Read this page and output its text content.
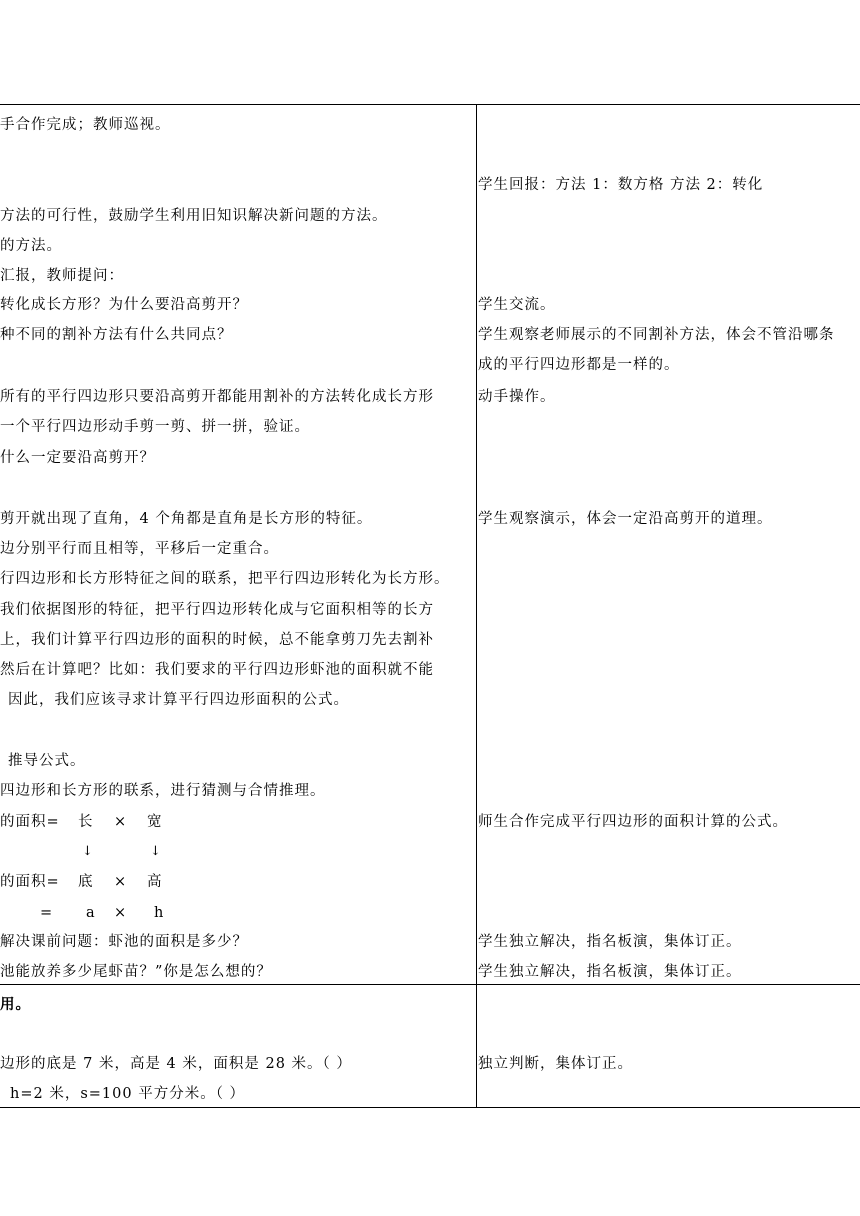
手合作完成；教师巡视。
方法的可行性，鼓励学生利用旧知识解决新问题的方法。
的方法。
汇报，教师提问：
转化成长方形？为什么要沿高剪开？
种不同的割补方法有什么共同点？
所有的平行四边形只要沿高剪开都能用割补的方法转化成长方形
一个平行四边形动手剪一剪、拼一拼，验证。
什么一定要沿高剪开？
剪开就出现了直角，4 个角都是直角是长方形的特征。
边分别平行而且相等，平移后一定重合。
行四边形和长方形特征之间的联系，把平行四边形转化为长方形。
我们依据图形的特征，把平行四边形转化成与它面积相等的长方
上，我们计算平行四边形的面积的时候，总不能拿剪刀先去割补
然后在计算吧？比如：我们要求的平行四边形虾池的面积就不能
因此，我们应该寻求计算平行四边形面积的公式。
推导公式。
四边形和长方形的联系，进行猜测与合情推理。
的面积= 长 × 宽
↓	↓
的面积= 底 × 高
= a × h
解决课前问题：虾池的面积是多少？
池能放养多少尾虾苗？”你是怎么想的？
用。
边形的底是 7 米，高是 4 米，面积是 28 米。（ ）
h=2 米，s=100 平方分米。（ ）
学生回报：方法 1：数方格 方法 2：转化
学生交流。
学生观察老师展示的不同割补方法，体会不管沿哪条
成的平行四边形都是一样的。
动手操作。
学生观察演示，体会一定沿高剪开的道理。
师生合作完成平行四边形的面积计算的公式。
学生独立解决，指名板演，集体订正。
学生独立解决，指名板演，集体订正。
独立判断，集体订正。
